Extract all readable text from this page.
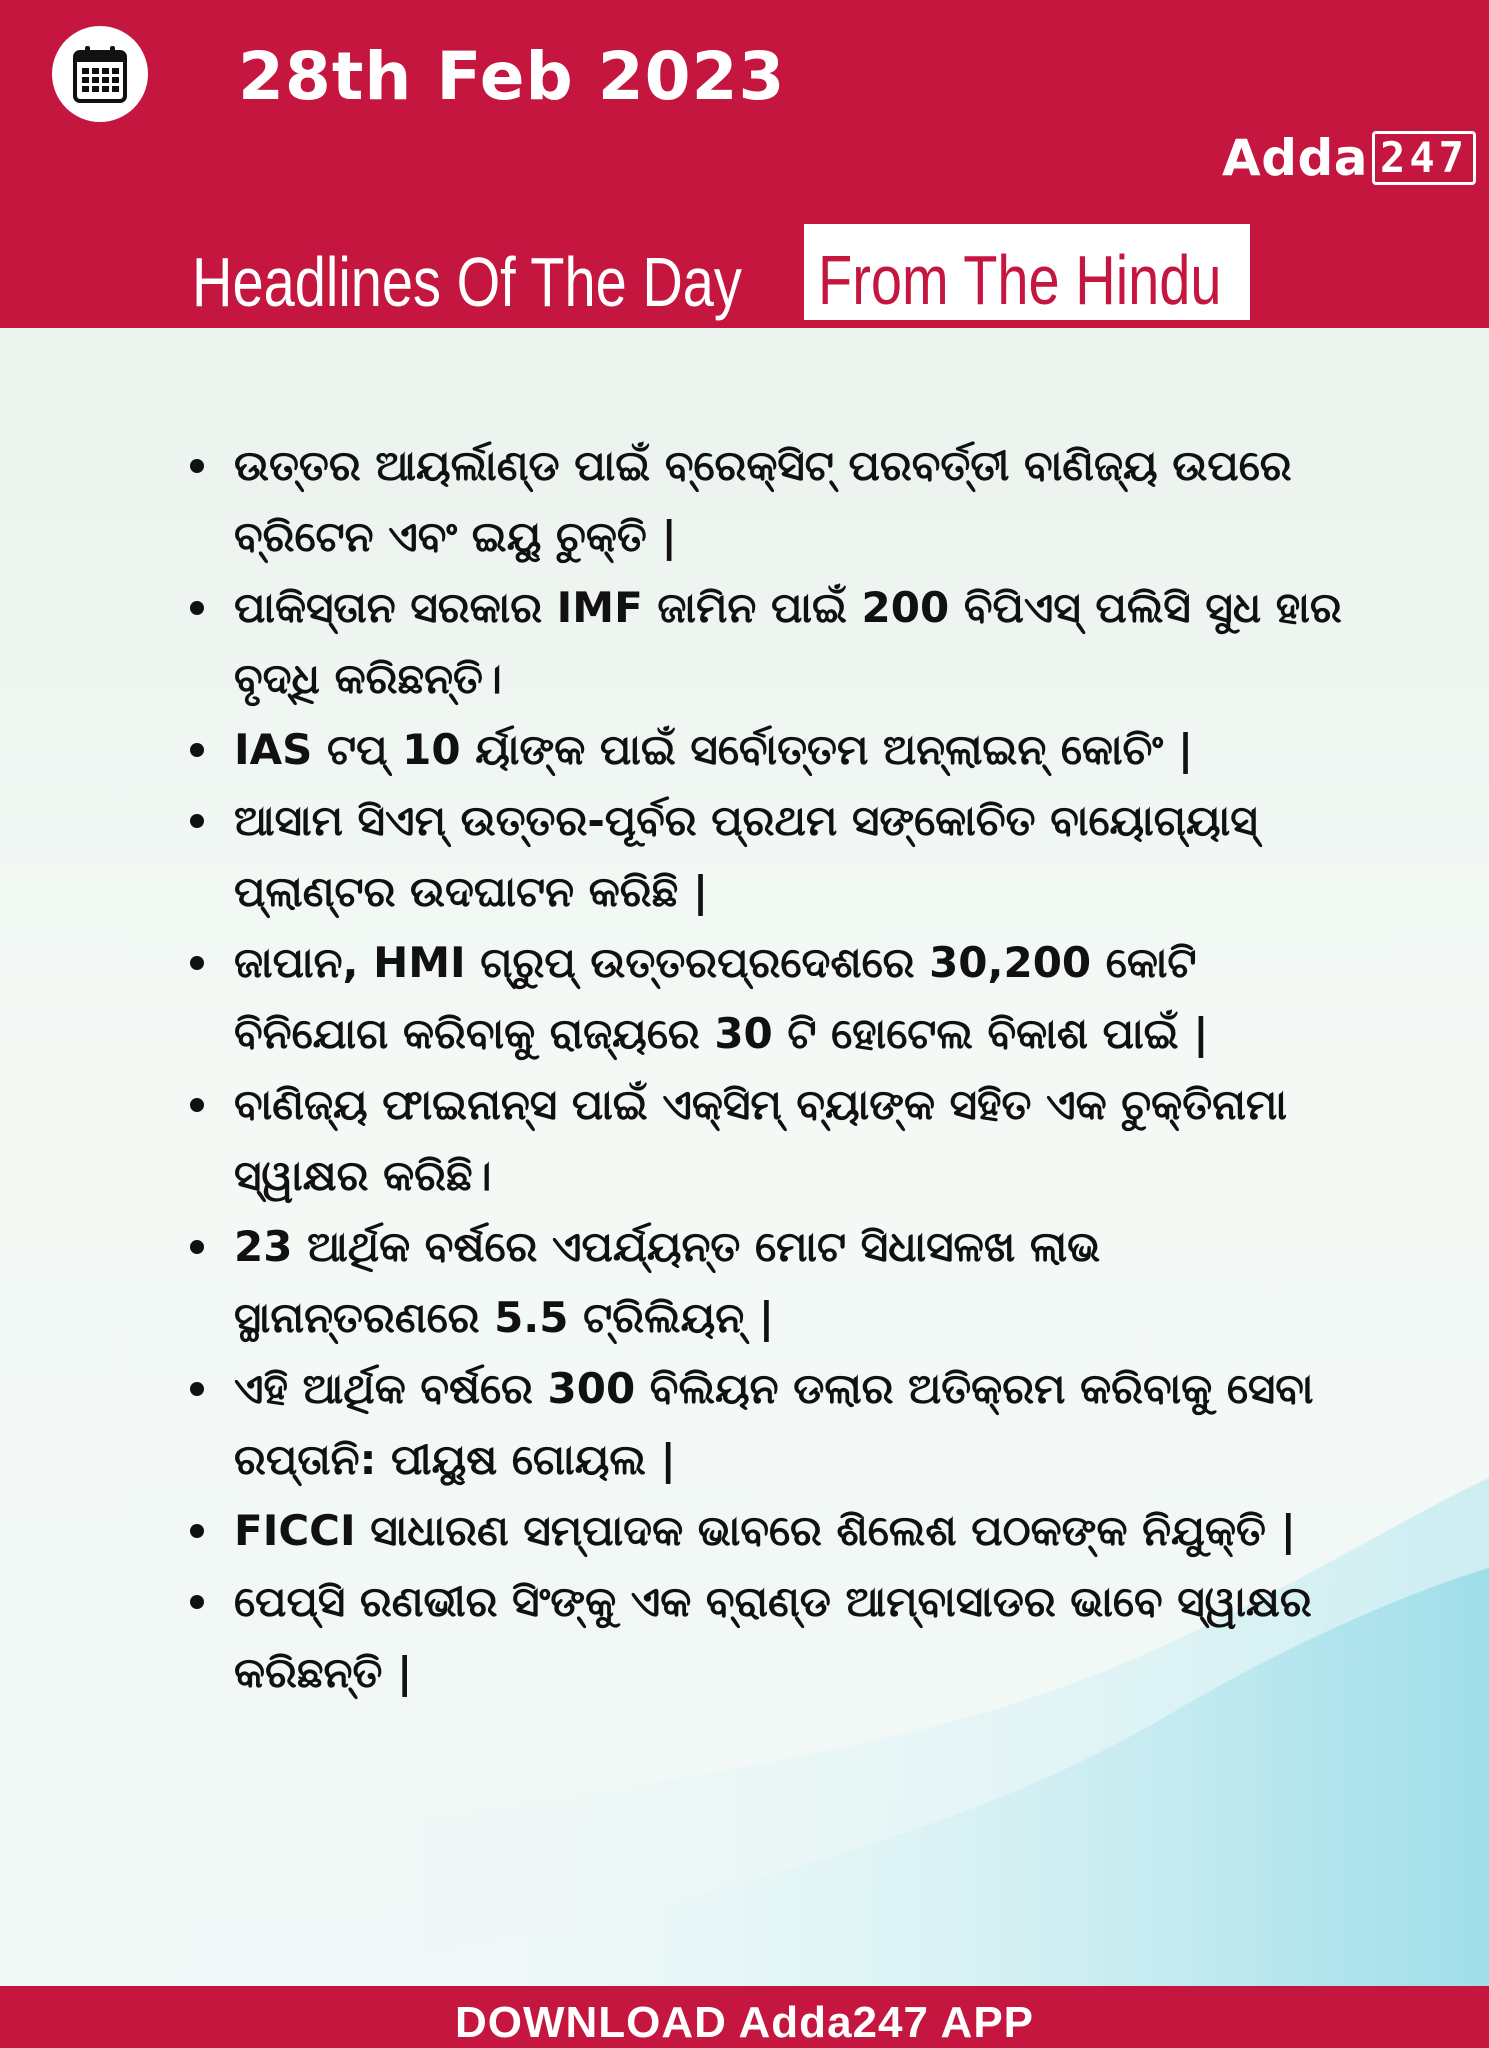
28th Feb 2023
Adda 247
Headlines Of The Day From The Hindu
ଉତ୍ତର ଆୟର୍ଲାଣ୍ଡ ପାଇଁ ବ୍ରେକ୍ସିଟ୍ ପରବର୍ତ୍ତୀ ବାଣିଜ୍ୟ ଉପରେ ବ୍ରିଟେନ ଏବଂ ଇୟୁ ଚୁକ୍ତି |
ପାକିସ୍ତାନ ସରକାର IMF ଜାମିନ ପାଇଁ 200 ବିପିଏସ୍ ପଲିସି ସୁଧ ହାର ବୃଦ୍ଧି କରିଛନ୍ତି।
IAS ଟପ୍ 10 ର୍ୟାଙ୍କ ପାଇଁ ସର୍ବୋତ୍ତମ ଅନ୍ଲାଇନ୍ କୋଚିଂ |
ଆସାମ ସିଏମ୍ ଉତ୍ତର-ପୂର୍ବର ପ୍ରଥମ ସଙ୍କୋଚିତ ବାୟୋଗ୍ୟାସ୍ ପ୍ଲାଣ୍ଟର ଉଦଘାଟନ କରିଛି |
ଜାପାନ, HMI ଗ୍ରୁପ୍ ଉତ୍ତରପ୍ରଦେଶରେ 30,200 କୋଟି ବିନିଯୋଗ କରିବାକୁ ରାଜ୍ୟରେ 30 ଟି ହୋଟେଲ ବିକାଶ ପାଇଁ |
ବାଣିଜ୍ୟ ଫାଇନାନ୍ସ ପାଇଁ ଏକ୍ସିମ୍ ବ୍ୟାଙ୍କ ସହିତ ଏକ ଚୁକ୍ତିନାମା ସ୍ୱାକ୍ଷର କରିଛି।
23 ଆର୍ଥିକ ବର୍ଷରେ ଏପର୍ଯ୍ୟନ୍ତ ମୋଟ ସିଧାସଳଖ ଲାଭ ସ୍ଥାନାନ୍ତରଣରେ 5.5 ଟ୍ରିଲିୟନ୍ |
ଏହି ଆର୍ଥିକ ବର୍ଷରେ 300 ବିଲିୟନ ଡଲାର ଅତିକ୍ରମ କରିବାକୁ ସେବା ରପ୍ତାନି: ପୀୟୁଷ ଗୋୟଲ |
FICCI ସାଧାରଣ ସମ୍ପାଦକ ଭାବରେ ଶିଲେଶ ପଠକଙ୍କ ନିଯୁକ୍ତି |
ପେପ୍ସି ରଣଭୀର ସିଂଙ୍କୁ ଏକ ବ୍ରାଣ୍ଡ ଆମ୍ବାସାଡର ଭାବେ ସ୍ୱାକ୍ଷର କରିଛନ୍ତି |
DOWNLOAD Adda247 APP
